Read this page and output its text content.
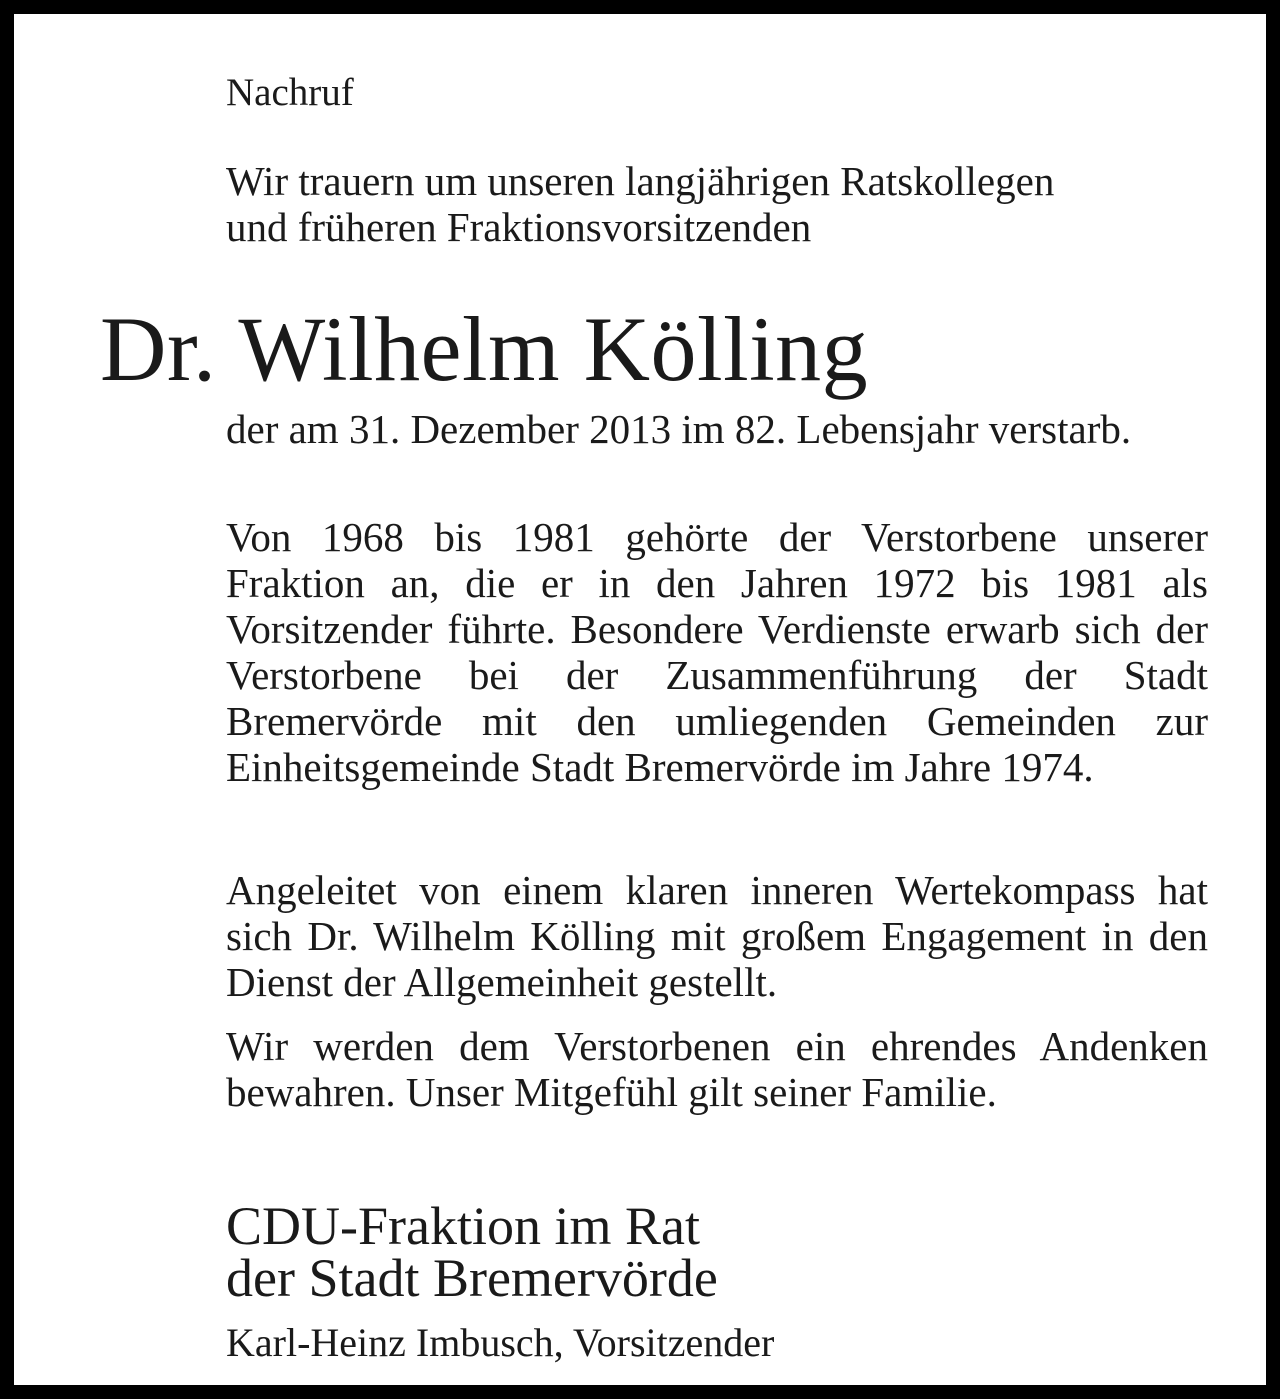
Nachruf

Wir trauern um unseren langjährigen Ratskollegen
und früheren Fraktionsvorsitzenden

Dr. Wilhelm Kölling

der am 31. Dezember 2013 im 82. Lebensjahr verstarb.

Von 1968 bis 1981 gehörte der Verstorbene unserer Fraktion an, die er in den Jahren 1972 bis 1981 als Vorsitzender führte. Besondere Verdienste erwarb sich der Verstorbene bei der Zusammenführung der Stadt Bremervörde mit den umliegenden Gemeinden zur Einheitsgemeinde Stadt Bremervörde im Jahre 1974.

Angeleitet von einem klaren inneren Wertekompass hat sich Dr. Wilhelm Kölling mit großem Engagement in den Dienst der Allgemeinheit gestellt.

Wir werden dem Verstorbenen ein ehrendes Andenken bewahren. Unser Mitgefühl gilt seiner Familie.

CDU-Fraktion im Rat
der Stadt Bremervörde

Karl-Heinz Imbusch, Vorsitzender
